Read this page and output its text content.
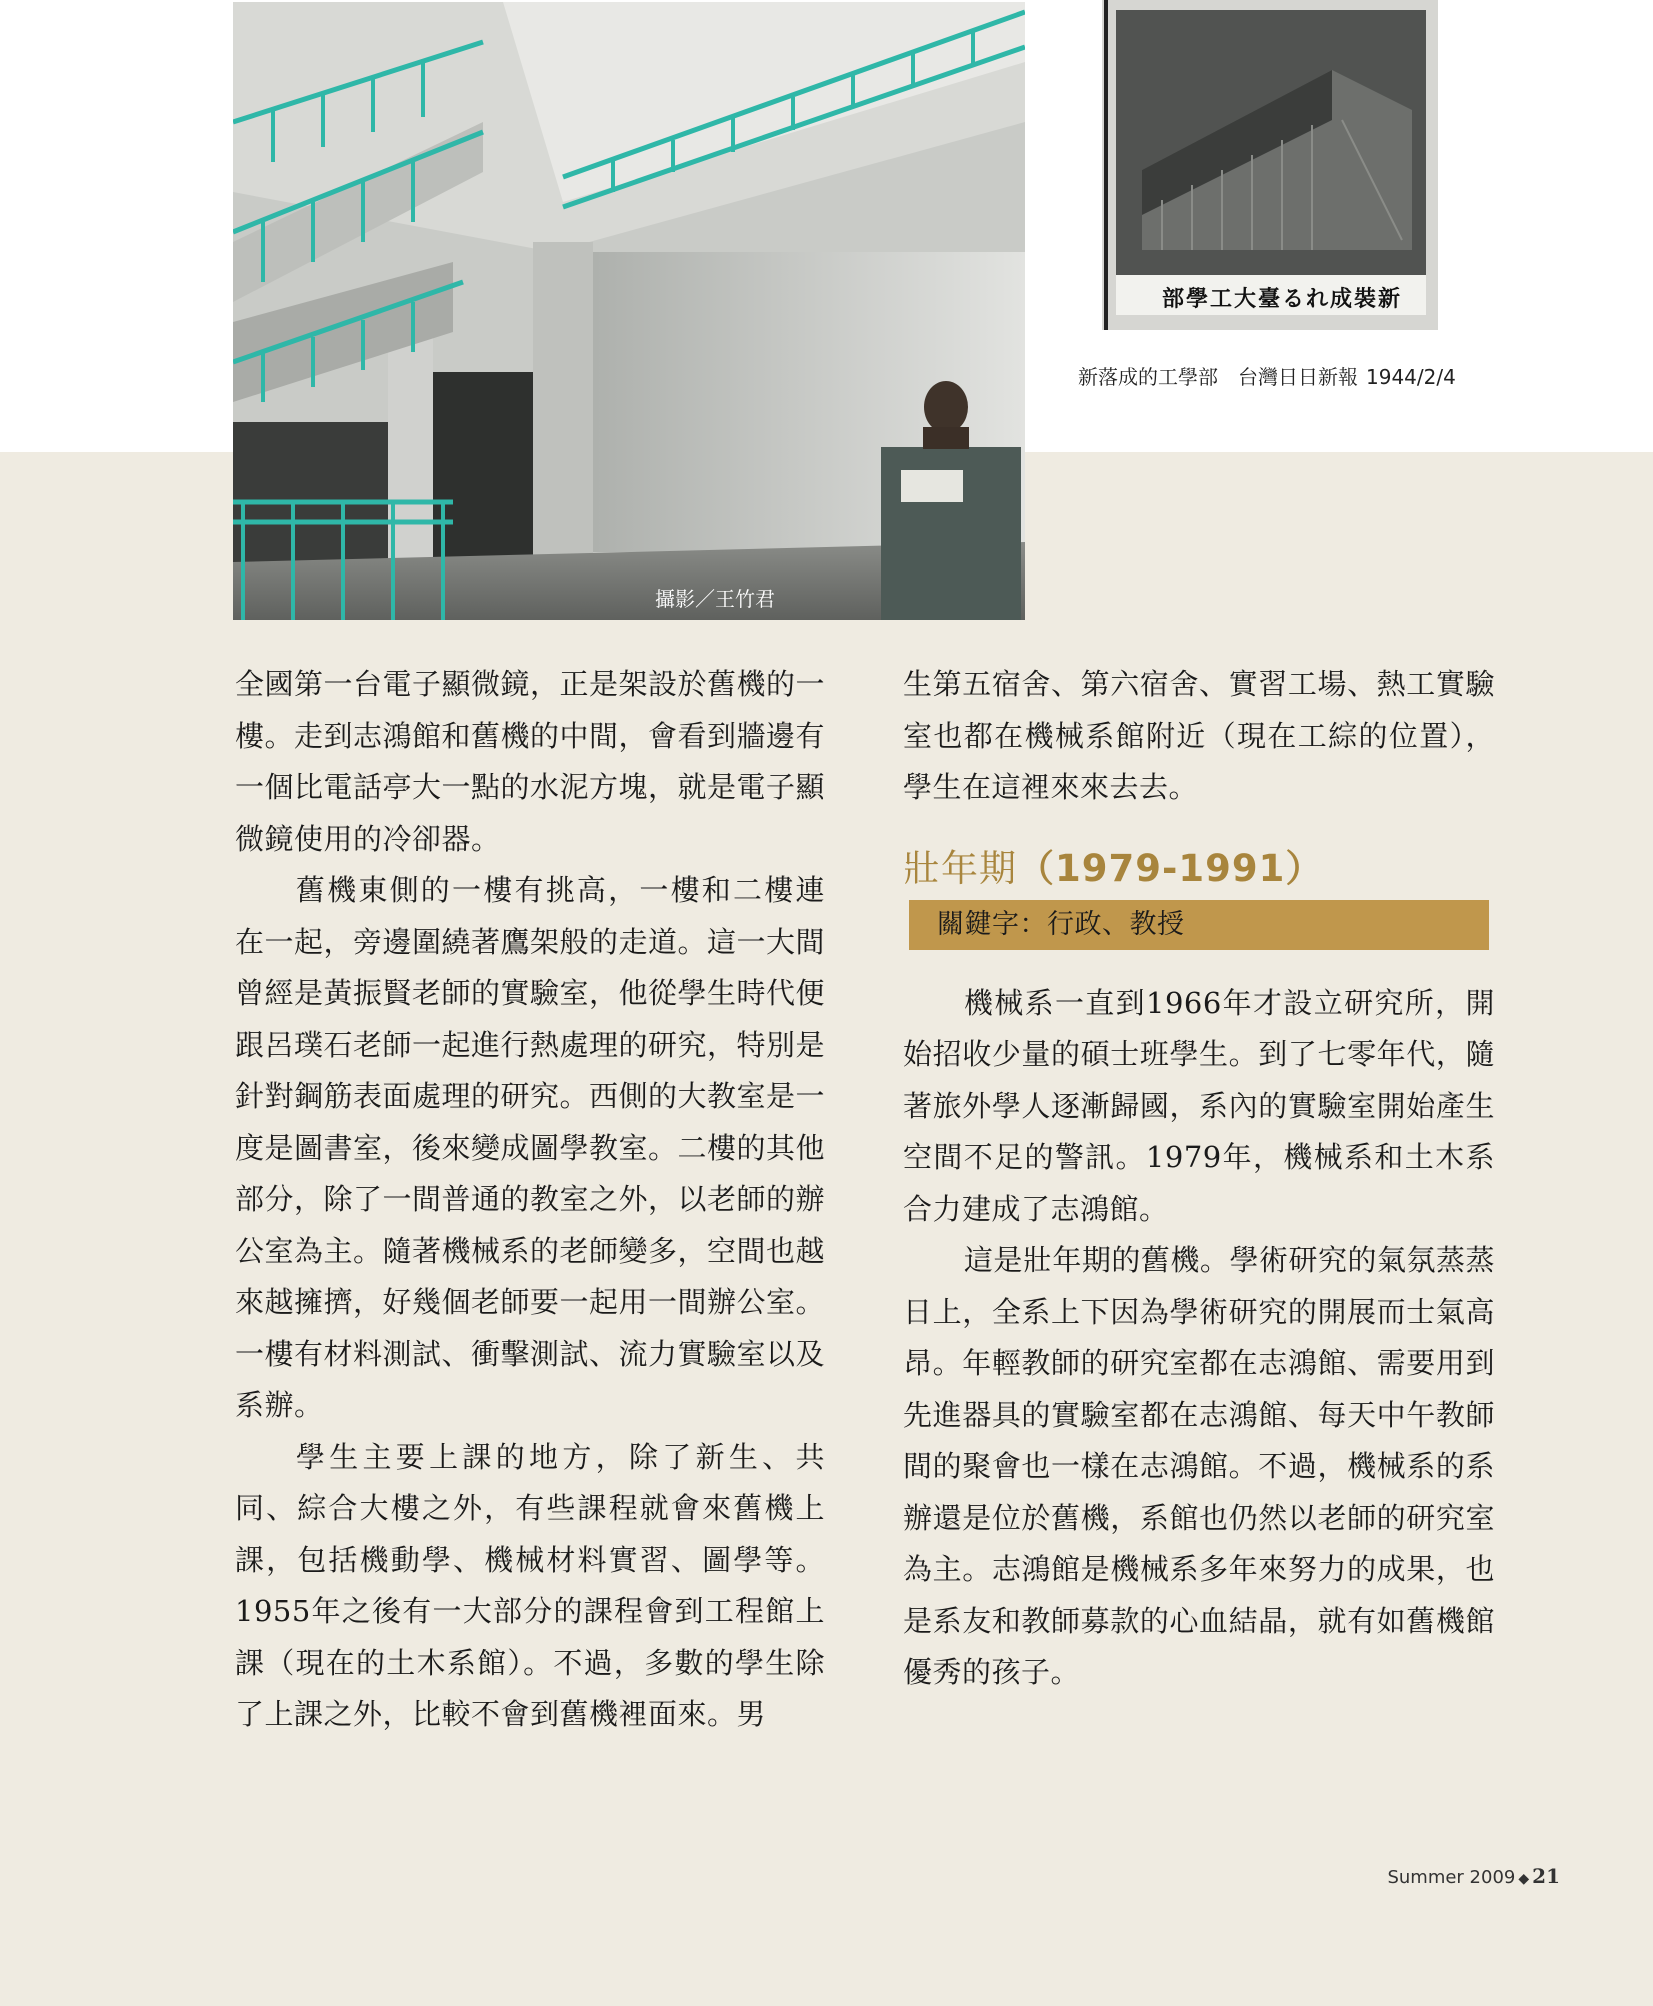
攝影／王竹君
部學工大臺るれ成裝新
新落成的工學部　台灣日日新報 1944/2/4

全國第一台電子顯微鏡，正是架設於舊機的一樓。走到志鴻館和舊機的中間，會看到牆邊有一個比電話亭大一點的水泥方塊，就是電子顯微鏡使用的冷卻器。

舊機東側的一樓有挑高，一樓和二樓連在一起，旁邊圍繞著鷹架般的走道。這一大間曾經是黃振賢老師的實驗室，他從學生時代便跟呂璞石老師一起進行熱處理的研究，特別是針對鋼筋表面處理的研究。西側的大教室是一度是圖書室，後來變成圖學教室。二樓的其他部分，除了一間普通的教室之外，以老師的辦公室為主。隨著機械系的老師變多，空間也越來越擁擠，好幾個老師要一起用一間辦公室。一樓有材料測試、衝擊測試、流力實驗室以及系辦。

學生主要上課的地方，除了新生、共同、綜合大樓之外，有些課程就會來舊機上課，包括機動學、機械材料實習、圖學等。1955年之後有一大部分的課程會到工程館上課（現在的土木系館）。不過，多數的學生除了上課之外，比較不會到舊機裡面來。男

生第五宿舍、第六宿舍、實習工場、熱工實驗室也都在機械系館附近（現在工綜的位置），學生在這裡來來去去。

壯年期（1979-1991）
關鍵字：行政、教授

機械系一直到1966年才設立研究所，開始招收少量的碩士班學生。到了七零年代，隨著旅外學人逐漸歸國，系內的實驗室開始產生空間不足的警訊。1979年，機械系和土木系合力建成了志鴻館。

這是壯年期的舊機。學術研究的氣氛蒸蒸日上，全系上下因為學術研究的開展而士氣高昂。年輕教師的研究室都在志鴻館、需要用到先進器具的實驗室都在志鴻館、每天中午教師間的聚會也一樣在志鴻館。不過，機械系的系辦還是位於舊機，系館也仍然以老師的研究室為主。志鴻館是機械系多年來努力的成果，也是系友和教師募款的心血結晶，就有如舊機館優秀的孩子。

Summer 2009 ◆ 21
